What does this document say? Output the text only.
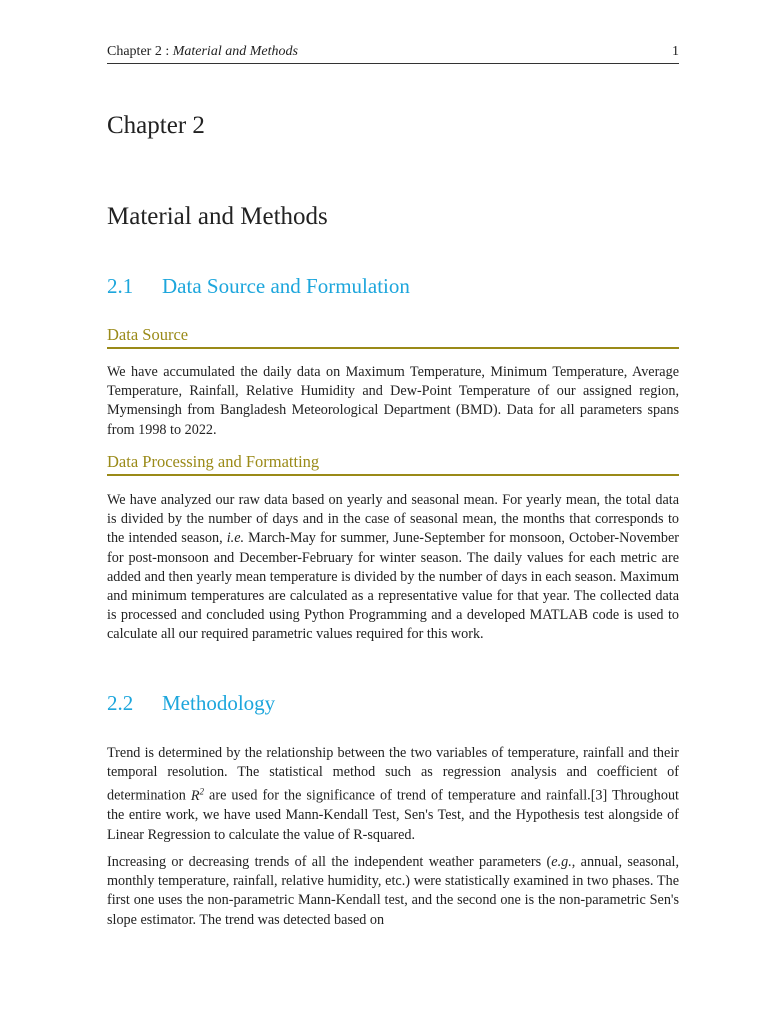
Chapter 2 : Material and Methods	1
Chapter 2
Material and Methods
2.1 Data Source and Formulation
Data Source

We have accumulated the daily data on Maximum Temperature, Minimum Temperature, Average Temperature, Rainfall, Relative Humidity and Dew-Point Temperature of our assigned region, Mymensingh from Bangladesh Meteorological Department (BMD). Data for all parameters spans from 1998 to 2022.

Data Processing and Formatting

We have analyzed our raw data based on yearly and seasonal mean. For yearly mean, the total data is divided by the number of days and in the case of seasonal mean, the months that corresponds to the intended season, i.e. March-May for summer, June-September for monsoon, October-November for post-monsoon and December-February for winter season. The daily values for each metric are added and then yearly mean temperature is divided by the number of days in each season. Maximum and minimum temperatures are calculated as a representative value for that year. The collected data is processed and concluded using Python Programming and a developed MATLAB code is used to calculate all our required parametric values required for this work.

2.2 Methodology

Trend is determined by the relationship between the two variables of temperature, rainfall and their temporal resolution. The statistical method such as regression analysis and coefficient of determination $R^2$ are used for the significance of trend of temperature and rainfall.[3] Throughout the entire work, we have used Mann-Kendall Test, Sen's Test, and the Hypothesis test alongside of Linear Regression to calculate the value of R-squared.

Increasing or decreasing trends of all the independent weather parameters (e.g., annual, seasonal, monthly temperature, rainfall, relative humidity, etc.) were statistically examined in two phases. The first one uses the non-parametric Mann-Kendall test, and the second one is the non-parametric Sen's slope estimator. The trend was detected based on
